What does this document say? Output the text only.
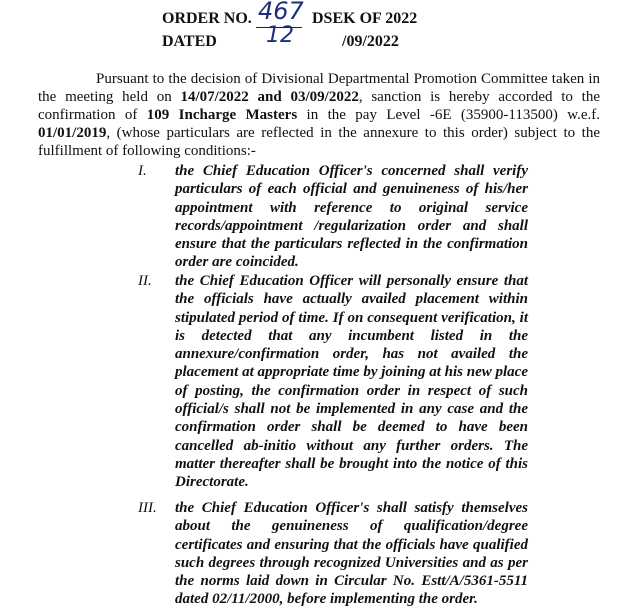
ORDER NO. 467 DSEK OF 2022
DATED 12	/09/2022
Pursuant to the decision of Divisional Departmental Promotion Committee taken in the meeting held on 14/07/2022 and 03/09/2022, sanction is hereby accorded to the confirmation of 109 Incharge Masters in the pay Level -6E (35900-113500) w.e.f. 01/01/2019, (whose particulars are reflected in the annexure to this order) subject to the fulfillment of following conditions:-
I. the Chief Education Officer's concerned shall verify particulars of each official and genuineness of his/her appointment with reference to original service records/appointment /regularization order and shall ensure that the particulars reflected in the confirmation order are coincided.
II. the Chief Education Officer will personally ensure that the officials have actually availed placement within stipulated period of time. If on consequent verification, it is detected that any incumbent listed in the annexure/confirmation order, has not availed the placement at appropriate time by joining at his new place of posting, the confirmation order in respect of such official/s shall not be implemented in any case and the confirmation order shall be deemed to have been cancelled ab-initio without any further orders. The matter thereafter shall be brought into the notice of this Directorate.
III. the Chief Education Officer's shall satisfy themselves about the genuineness of qualification/degree certificates and ensuring that the officials have qualified such degrees through recognized Universities and as per the norms laid down in Circular No. Estt/A/5361-5511 dated 02/11/2000, before implementing the order.
